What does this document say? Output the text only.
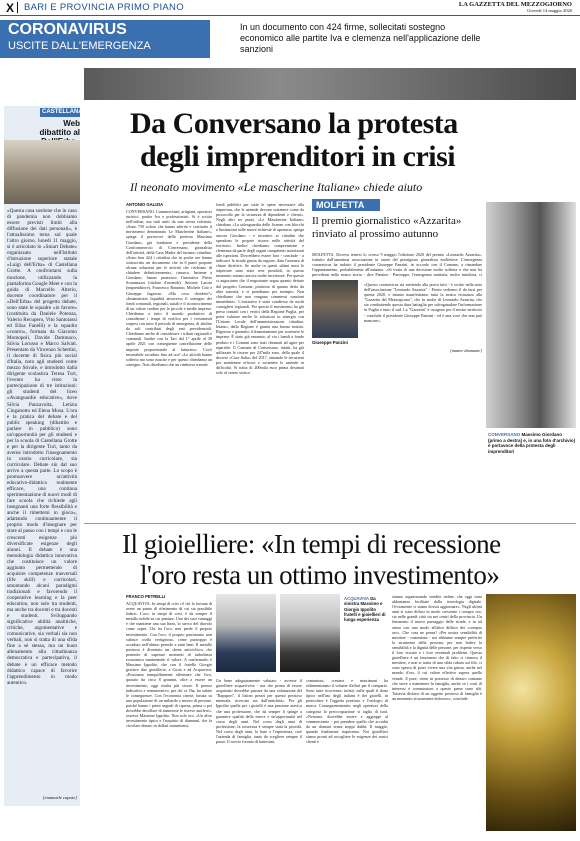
X BARI E PROVINCIA PRIMO PIANO	LA GAZZETTA DEL MEZZOGIORNO
Giovedì 14 maggio 2020
CORONAVIRUS
USCITE DALL'EMERGENZA
In un documento con 424 firme, sollecitati sostegno economico alle partite Iva e clemenza nell'applicazione delle sanzioni
CASTELLANA
Web dibattito al
«Questa casa sostiene che in caso di pandemia non dobbiamo essere previsti limiti alla diffusione dei dati personali», è l'attualissimo tema sul quale l'altro giorno, lunedì 11 maggio, si è articolato lo «Smart Debate» organizzato nell'Istituto d'istruzione superiore statale «Luigi dell'Erba» di Castellana Grotte. A confrontarsi sulla mozione, utilizzando la piattaforma Google Meet e con la guida di Marcello Alterio, docente coordinatore per il «Dell'Erba» del progetto debate, sono state le squadre «in favore» (costituita da Daniele Potenza, Valerio Recupero, Vito Santoiassi ed Elisa Fanelli) e la squadra «contro», formata da Giacomo Momopoli, Davide Dammaco, Silvia Lorusso e Marco Salvati. Presentato da Vincenzo Schettini, il docente di fisica più social d'Italia, noto agli studenti come mezzo Stivale, e introdotto dalla dirigente scolastica Teresa Turi, l'evento ha visto la partecipazione di tre istituzioni: gli studenti del liceo «Avanguardie educative», dove Silvia Panzavolta, Letizia Cinganotto ed Elena Mosa. L'ora e la pratica del debate e del public speaking (dibattito e parlare in pubblico) sono un'opportunità per gli studenti e per la scuola di Castellana Grotte e per la dirigente Turi, tanto da averne introdotto l'insegnamento in orario curricolare, sia curriculare. Debate sin dal suo arrivo a questa parte. Lo scopo è promuovere un'attività educativo-didattica realmente efficace, una continua sperimentazione di nuovi modi di fare scuola che richiede agli insegnanti una forte flessibilità e anche il rimettersi in gioco», adattando continuamente il proprio modo d'insegnare per stare al passo con i tempi e con le crescenti esigenze più diversificate esigenze degli alunni. Il debate è una metodologia didattica innovativa che costituisce un valore aggiunto permettendo di acquisire competenze trasversali (life skill) e curricolari, smontando alcuni paradigmi tradizionali e favorendo il cooperative learning e la peer education, non solo tra studenti, ma anche tra docenti e tra docenti e studenti. Sviluppando significative abilità analitiche, critiche, argomentative e comunicative, sia verbali sia non verbali, non si tratta di una sfida fine a sé stessa, ma un buon allenamento alla cittadinanza democratica e partecipativa, il debate è un efficace metodo didattico capace di favorire l'apprendimento in modo autentico.
[emanuele caputo]
Da Conversano la protesta
degli imprenditori in crisi
Il neonato movimento «Le mascherine Italiane» chiede aiuto
ANTONIO GALIZIA
CONVERSANO. Commercianti, artigiani, operatori turistici, partite Iva e professionisti. Si è scritto nell'ordine, ma tutti uniti da una stessa richiesta. «Sono 750 coloro che hanno aderito e costituito il movimento denominato Le Mascherine Italiane», spiega il portavoce della protesta Massimo Giordano, già fondatore e presidente della Confcommercio di Conversano, giornalista dell'attività, della Casa Madre del turismo cittadino. «Sono ben 424 i cittadini che in poche ore hanno sottoscritto un documento che in 6 punti propone alcune soluzioni per le attività che rischiano di chiudere definitivamente», rimarca. Insieme a Giordano, hanno promosso l'iniziativa Pietro Scaramuzzi (titolare d'aziende), Antonio Larosa (imprenditore), Francesco Rotunno, Michele Cito e Giuseppe Ingrosso. «Ma cosa chiedete?» «Innanzitutto liquidità attraverso il sostegno dei fondi comunali, regionali, statali e il riconoscimento di un valore cardine per le piccole e medie imprese. Chiediamo a tutto il mondo produttivo di considerare i tempi di verifica per i versamenti sospesi con tutto il periodo di emergenza, di abolire da soli contributi degli enti previdenziali. Chiediamo anche di considerare i tributi regionali e comunali. Inoltre con la Tari dal 1° aprile al 30 aprile 2021 con conseguente cancellazione delle imposte proporzionale al fatturato». Cos'è invariabile accaduto fino ad ora? «Le attività hanno sofferto ma sono riuscite e per questo chiediamo un sostegno. Non chiediamo che un rimborso tramite
fondi pubblici per tutte le spese necessarie alla riapertura, che le aziende devono sostenere come da protocollo per la sicurezza di dipendenti e clienti». Negli altri tre punti, «Le Mascherine Italiane» chiedono «La salvaguardia delle licenze con blocchi o limitazioni sulle nuove richieste di apertura» spiega ancora Giordano - e incentivi ai cittadini che spendono le proprie risorse nelle attività del territorio. Inoltre chiediamo comprensione e clemenza da parte degli organi competenti autorizzati alle ispezioni. Dovrebbero essere loro - conclude - a indicarci la strada giusta da seguire, data l'assenza di chiare direttive. Se anche in questi ultimi mesi le riaperture sono state rese possibili, in questo momento restano ancora molte incertezze. Per questo ci auguriamo che il negoziante segua quanto dettato dal progetto Comune, piuttosto di quanto detto da altre autorità, e vi prendiamo per esempio. Non chiediamo che non vengano commessi sanzioni immediate». L'iniziativa è stata condivisa da molti consiglieri regionali. Per questo il movimento ha già preso contatti con i vertici della Regione Puglia, per poter valutare anche le soluzioni in sinergia con l'Unione Locale dell'amministrazione cittadina. Intanto, dalla Regione è giunta una buona notizia. Rigoroso e garantito il finanziamento per sostenere le imprese. È stato già emanato, al via i bandi a fondo perduto e i Comuni sono stati chiamati ad agire per ripartirle. Il Comune di Conversano, infatti, ha già utilizzato le risorse per 247mila euro, della quale il decreto «Cura Italia» del 2017, attuando le istruzioni per mantenere efficaci e sostenere le aziende in difficoltà. Si tratta di 200mila euro prima destinati solo al centro storico.
MOLFETTA
Il premio giornalistico «Azzarita» rinviato al prossimo autunno
MOLFETTA. Doveva tenersi lo scorso 9 maggio l'edizione 2020 del premio «Leonardo Azzarita», istituito dall'omonima associazione in onore del prestigioso giornalista molfettese. L'emergenza coronavirus ha indotto il presidente Giuseppe Panzini, in accordo con il Comune, a rimandare l'appuntamento, probabilmente all'autunno. «Si tratta di una decisione molto sofferta e che non ha precedenti nella nostra storia - dice Panzini - Purtroppo, l'emergenza sanitaria, molto insidiosa, ci
Giuseppe Panzini
«Questo coronavirus sta mettendo alla prova tutti - è scritto nella nota dell'associazione "Leonardo Azzarita" - Presto vedremo il da farsi per questa 2020, e intanto manifestiamo tutta la nostra vicinanza alla "Gazzetta del Mezzogiorno", che fu anche di Leonardo Azzarita, che sta combattendo questa dura battaglia per salvaguardare l'informazione in Puglia e tutto il sud. La "Gazzetta" è ossigeno per il nostro territorio - conclude il presidente Giuseppe Panzini - ed è una voce che non può mancare».
[mattee diamante]
CONVERSANO Massimo Giordano (primo a destra) e, in una foto d'archivio) è portavoce della protesta degli imprenditori
Il gioielliere: «In tempi di recessione
l'oro resta un ottimo investimento»
FRANCO PETRELLI
ACQUAVIVA. In tempi di crisi c'è chi la fortuna di avere un punto di riferimento di cui sia possibile fidarsi. L'oro, in tempi di crisi, è da sempre il metallo nobile su cui puntare. Uno dei suoi vantaggi è che mantiene una sua linea, lo sterco del diavolo come sopra. Chi ha l'oro, non perde il proprio investimento. Con l'oro, il proprio patrimonio non subisce crollo vertiginoso, come purtroppo è accaduto nell'ultimo periodo a tanti beni. Il metallo prezioso è diventato un «bene anticiclico» che permette di superare momenti di turbolenza economica mantenendo il valore. A confermarlo è Massimo Ippolito, che con il fratello Giorgio gestisce due gioiellerie, a Gioia e ad Acquaviva: «Possiamo tranquillamente affermare che l'oro, quotato da circa 8 grammi, oltre a essere un investimento, oggi risulta più sicuro. Il prezzo indicativo e remunerativo, per chi ce l'ha, ha subito le conseguenze. Con l'economia cinese, basata su una popolazione di un miliardo e mezzo di persone, poiché hanno i primi segnali di ripresa, prima o poi dovrebbe decollare di numerose le riserve aurifere», osserva Massimo Ippolito. Non solo oro. «Un altro investimento tipico e l'acquisto di diamanti, che fa circolare denaro in dollari statunitensi,
ACQUAVIVA Da sinistra Massimo e Giorgio Ippolito fratelli e gioiellieri di lunga esperienza
Un bene adeguatamente valutato - avverte il gioielliere acquavivese - ma che prima di essere acquistato dovrebbe passare da una valutazione del "Rapaport", il listino prezzi per questo prezioso minerale, ricercato sin dall'antichità». Per gli Ippolito quella per i gioielli è una passione atavica che una professione, che da sempre li spinge a garantire qualità della merce e un'opportunità nel corso degli anni. Nel corso degli anni di professione, la sicurezza è sempre stata la priorità. Nel corso degli anni, la base e l'esperienza, cioè l'azienda di famiglia, tanto da scegliere sempre il passo. Il ravvio foranto di battesimi,
comunioni, cresime e matrimoni ha ridimensionato il volume d'affari per il comparto. Sono tutte ricorrenze, infatti, nelle quali il dono tipico nell'uso degli italiani è dei gioielli, in particolare è l'oggetto prezioso e l'orologio di marca. Conseguentemente, negli operatori della categoria la preoccupazione si taglia di tutti. «Nessuno, dovrebbe essere e aggrappi al commerciante - poi prendere quello che accadrà da un domani senza troppi dubbi. Il maggio, quando finalmente riapriremo. Noi gioiellieri siamo pronti ad accogliere le esigenze dei nostri clienti e
stiamo organizzando vendite online, che oggi sono abbastanza facilitate dalla tecnologia digitale. Ovviamente ci siamo dovuti aggiornare». Negli ultimi anni si sono diffusi in modo crescente i compro oro, sia nelle grandi città sia nei centri della provincia. Un fenomeno il nuovo paesaggio delle strade, e in tal senso con una modo all'altro diffuso dei «compro oro». Che cosa ne pensa? «Per nostra sensibilità di mestiere - commenta - noi abbiamo sempre preferito lo strumento della persona, per non ledere la sensibilità e la dignità delle persone, per rispetto verso il loro vissuto e i loro eventuali problemi. Questo gioielliere è un fenomeno che di fatto ci rinnova il mestiere, e non si tratta di una sfida rubata sul filo, ci sono spesso di poter vivere una vita giusta, anche nel mondo d'oro, il cui valore effettivo supera quello venale. E pure, viene in possesso di denaro contante che serve a mantenere la famiglia, anche se i costi di interessi e commissioni a questo paese sono alti. Tuttavia disfarsi di un oggetto prezioso di famiglia è un momento sicuramente doloroso», conclude.
